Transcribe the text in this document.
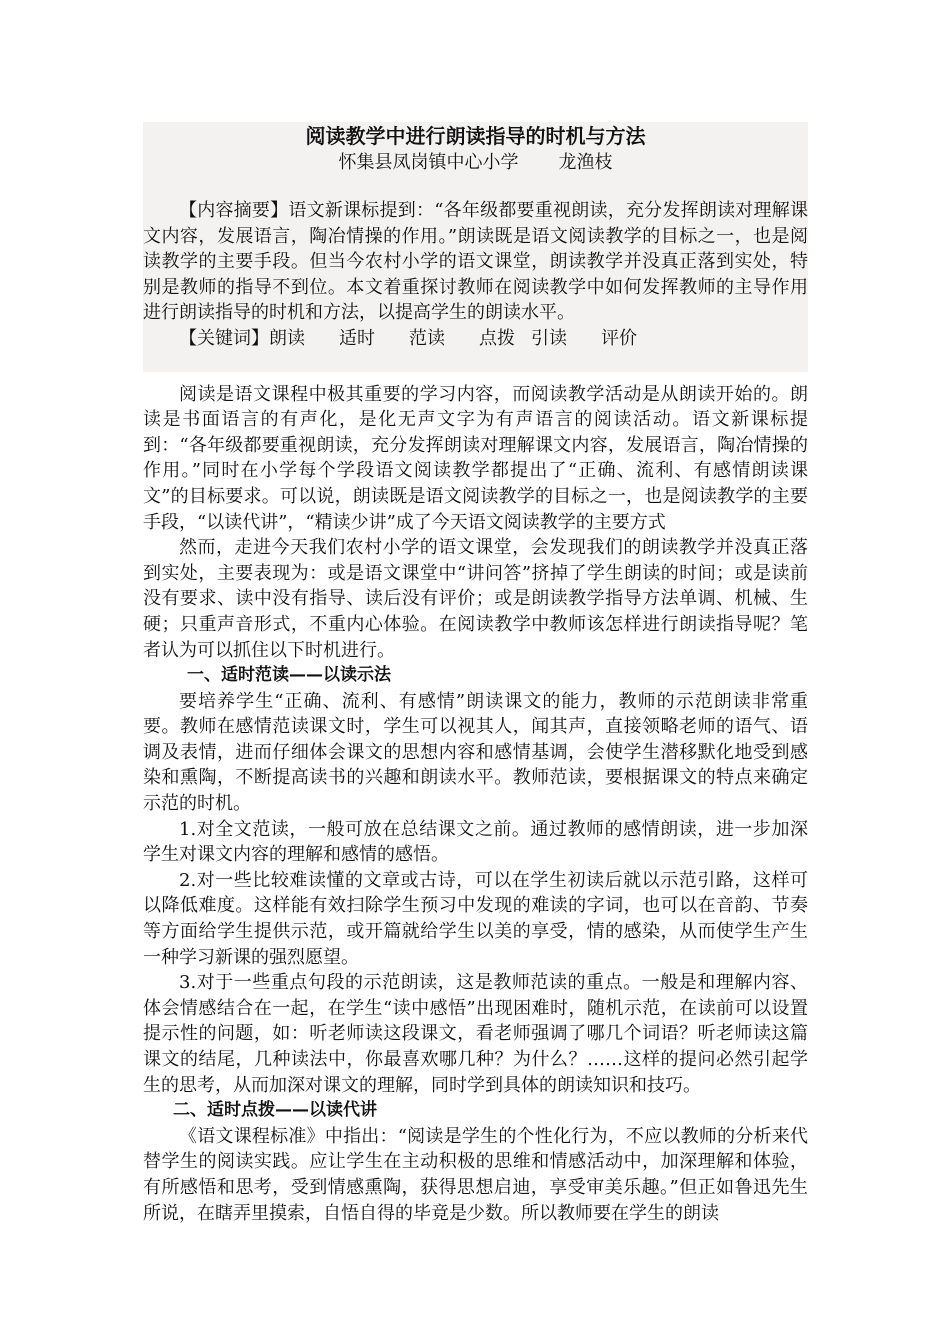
阅读教学中进行朗读指导的时机与方法
怀集县凤岗镇中心小学 龙渔枝

【内容摘要】语文新课标提到：“各年级都要重视朗读，充分发挥朗读对理解课文内容，发展语言，陶冶情操的作用。”朗读既是语文阅读教学的目标之一，也是阅读教学的主要手段。但当今农村小学的语文课堂，朗读教学并没真正落到实处，特别是教师的指导不到位。本文着重探讨教师在阅读教学中如何发挥教师的主导作用进行朗读指导的时机和方法，以提高学生的朗读水平。

【关键词】朗读 适时 范读 点拨 引读 评价

阅读是语文课程中极其重要的学习内容，而阅读教学活动是从朗读开始的。朗读是书面语言的有声化，是化无声文字为有声语言的阅读活动。语文新课标提到：“各年级都要重视朗读，充分发挥朗读对理解课文内容，发展语言，陶冶情操的作用。”同时在小学每个学段语文阅读教学都提出了“正确、流利、有感情朗读课文”的目标要求。可以说，朗读既是语文阅读教学的目标之一，也是阅读教学的主要手段，“以读代讲”，“精读少讲”成了今天语文阅读教学的主要方式

然而，走进今天我们农村小学的语文课堂，会发现我们的朗读教学并没真正落到实处，主要表现为：或是语文课堂中“讲问答”挤掉了学生朗读的时间；或是读前没有要求、读中没有指导、读后没有评价；或是朗读教学指导方法单调、机械、生硬；只重声音形式，不重内心体验。在阅读教学中教师该怎样进行朗读指导呢？笔者认为可以抓住以下时机进行。

一、适时范读——以读示法

要培养学生“正确、流利、有感情”朗读课文的能力，教师的示范朗读非常重要。教师在感情范读课文时，学生可以视其人，闻其声，直接领略老师的语气、语调及表情，进而仔细体会课文的思想内容和感情基调，会使学生潜移默化地受到感染和熏陶，不断提高读书的兴趣和朗读水平。教师范读，要根据课文的特点来确定示范的时机。

1.对全文范读，一般可放在总结课文之前。通过教师的感情朗读，进一步加深学生对课文内容的理解和感情的感悟。

2.对一些比较难读懂的文章或古诗，可以在学生初读后就以示范引路，这样可以降低难度。这样能有效扫除学生预习中发现的难读的字词，也可以在音韵、节奏等方面给学生提供示范，或开篇就给学生以美的享受，情的感染，从而使学生产生一种学习新课的强烈愿望。

3.对于一些重点句段的示范朗读，这是教师范读的重点。一般是和理解内容、体会情感结合在一起，在学生“读中感悟”出现困难时，随机示范，在读前可以设置提示性的问题，如：听老师读这段课文，看老师强调了哪几个词语？听老师读这篇课文的结尾，几种读法中，你最喜欢哪几种？为什么？……这样的提问必然引起学生的思考，从而加深对课文的理解，同时学到具体的朗读知识和技巧。

二、适时点拨——以读代讲

《语文课程标准》中指出：“阅读是学生的个性化行为，不应以教师的分析来代替学生的阅读实践。应让学生在主动积极的思维和情感活动中，加深理解和体验，有所感悟和思考，受到情感熏陶，获得思想启迪，享受审美乐趣。”但正如鲁迅先生所说，在瞎弄里摸索，自悟自得的毕竟是少数。所以教师要在学生的朗读
